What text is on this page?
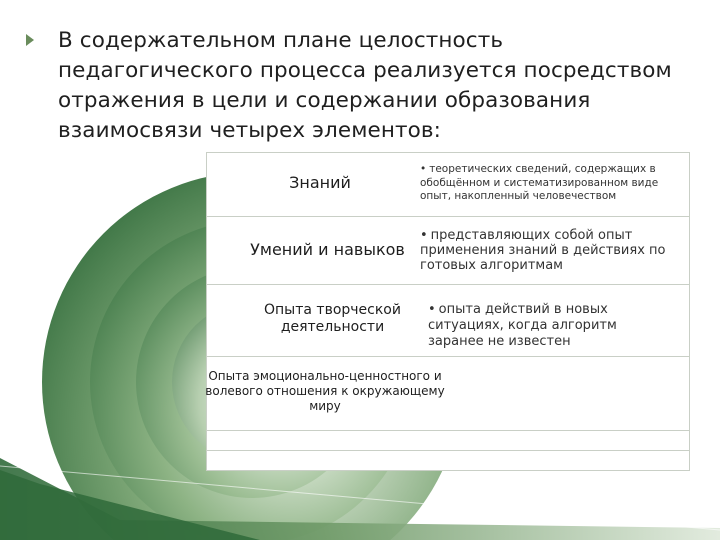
В содержательном плане целостность педагогического процесса реализуется посредством отражения в цели и содержании образования взаимосвязи четырех элементов:
Знаний
Умений и навыков
Опыта творческой деятельности
Опыта эмоционально-ценностного и волевого отношения к окружающему миру
• теоретических сведений, содержащих в обобщённом и систематизированном виде опыт, накопленный человечеством
• представляющих собой опыт применения знаний в действиях по готовых алгоритмам
• опыта действий в новых ситуациях, когда алгоритм заранее не известен
